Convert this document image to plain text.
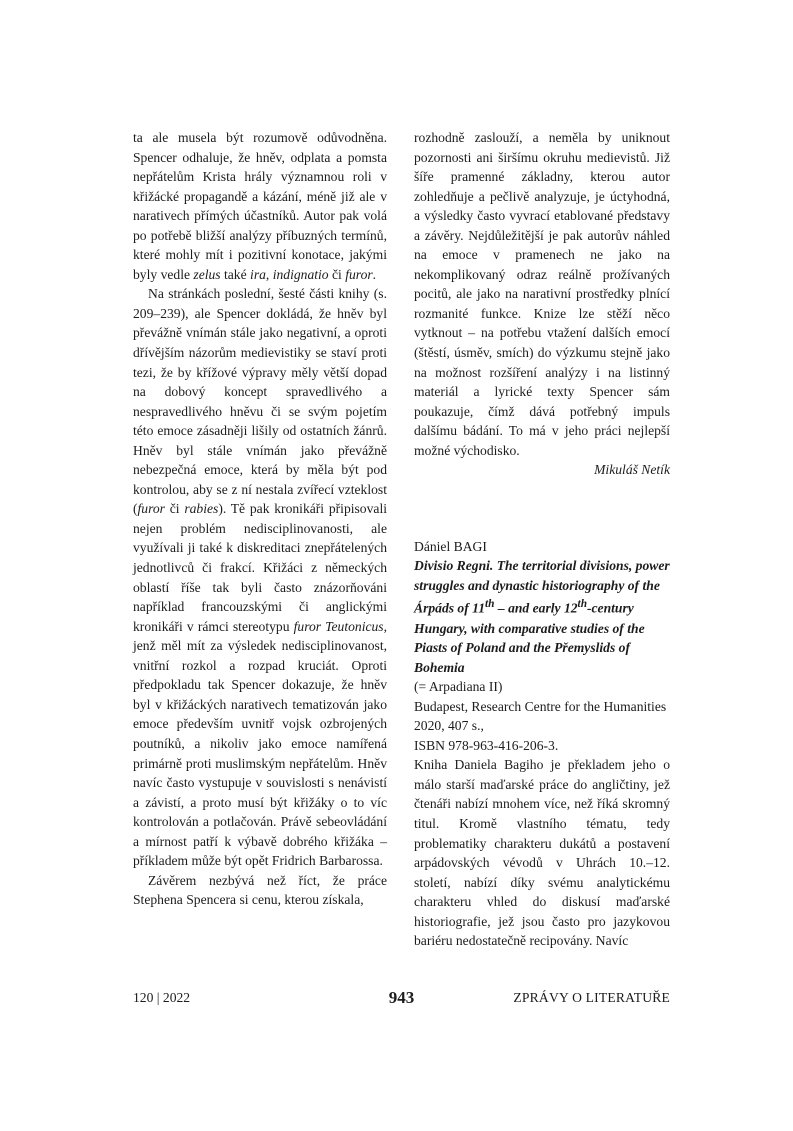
ta ale musela být rozumově odůvodněna. Spencer odhaluje, že hněv, odplata a pomsta nepřátelům Krista hrály významnou roli v křižácké propagandě a kázání, méně již ale v narativech přímých účastníků. Autor pak volá po potřebě bližší analýzy příbuzných termínů, které mohly mít i pozitivní konotace, jakými byly vedle zelus také ira, indignatio či furor.

Na stránkách poslední, šesté části knihy (s. 209–239), ale Spencer dokládá, že hněv byl převážně vnímán stále jako negativní, a oproti dřívějším názorům medievistiky se staví proti tezi, že by křížové výpravy měly větší dopad na dobový koncept spravedlivého a nespravedlivého hněvu či se svým pojetím této emoce zásadněji lišily od ostatních žánrů. Hněv byl stále vnímán jako převážně nebezpečná emoce, která by měla být pod kontrolou, aby se z ní nestala zvířecí vzteklost (furor či rabies). Tě pak kronikáři připisovali nejen problém nedisciplinovanosti, ale využívali ji také k diskreditaci znepřátelených jednotlivců či frakcí. Křižáci z německých oblastí říše tak byli často znázorňováni například francouzskými či anglickými kronikáři v rámci stereotypu furor Teutonicus, jenž měl mít za výsledek nedisciplinovanost, vnitřní rozkol a rozpad kruciát. Oproti předpokladu tak Spencer dokazuje, že hněv byl v křižáckých narativech tematizován jako emoce především uvnitř vojsk ozbrojených poutníků, a nikoliv jako emoce namířená primárně proti muslimským nepřátelům. Hněv navíc často vystupuje v souvislosti s nenávistí a závistí, a proto musí být křižáky o to víc kontrolován a potlačován. Právě sebeovládání a mírnost patří k výbavě dobrého křižáka – příkladem může být opět Fridrich Barbarossa.

Závěrem nezbývá než říct, že práce Stephena Spencera si cenu, kterou získala,

rozhodně zaslouží, a neměla by uniknout pozornosti ani širšímu okruhu medievistů. Již šíře pramenné základny, kterou autor zohledňuje a pečlivě analyzuje, je úctyhodná, a výsledky často vyvrací etablované představy a závěry. Nejdůležitější je pak autorův náhled na emoce v pramenech ne jako na nekomplikovaný odraz reálně prožívaných pocitů, ale jako na narativní prostředky plnící rozmanité funkce. Knize lze stěží něco vytknout – na potřebu vtažení dalších emocí (štěstí, úsměv, smích) do výzkumu stejně jako na možnost rozšíření analýzy i na listinný materiál a lyrické texty Spencer sám poukazuje, čímž dává potřebný impuls dalšímu bádání. To má v jeho práci nejlepší možné východisko.

Mikuláš Netík

Dániel BAGI
Divisio Regni. The territorial divisions, power struggles and dynastic historiography of the Árpáds of 11th – and early 12th-century Hungary, with comparative studies of the Piasts of Poland and the Přemyslids of Bohemia
(= Arpadiana II)
Budapest, Research Centre for the Humanities 2020, 407 s.,
ISBN 978-963-416-206-3.

Kniha Daniela Bagiho je překladem jeho o málo starší maďarské práce do angličtiny, jež čtenáři nabízí mnohem více, než říká skromný titul. Kromě vlastního tématu, tedy problematiky charakteru dukátů a postavení arpádovských vévodů v Uhrách 10.–12. století, nabízí díky svému analytickému charakteru vhled do diskusí maďarské historiografie, jež jsou často pro jazykovou bariéru nedostatečně recipovány. Navíc

120 | 2022	943	ZPRÁVY O LITERATUŘE
